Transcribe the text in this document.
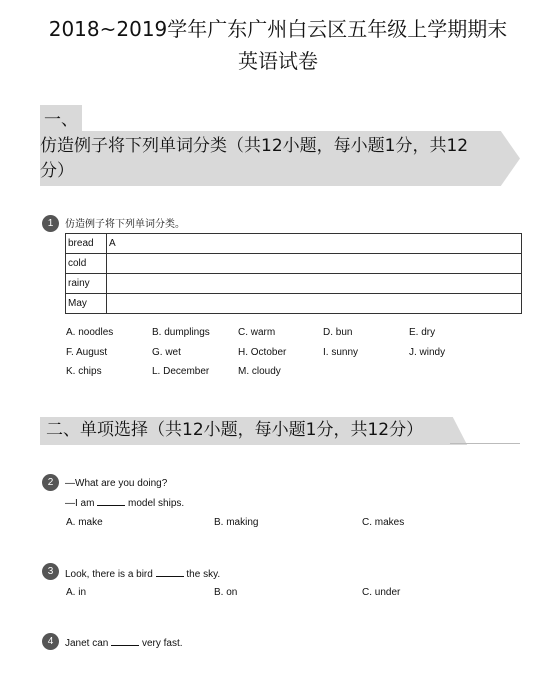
2018~2019学年广东广州白云区五年级上学期期末
英语试卷
一、
仿造例子将下列单词分类（共12小题，每小题1分，共12
分）
1	仿造例子将下列单词分类。
bread	A
cold	
rainy	
May	
A. noodles	B. dumplings	C. warm	D. bun	E. dry
F. August	G. wet	H. October	I. sunny	J. windy
K. chips	L. December	M. cloudy
二、单项选择（共12小题，每小题1分，共12分）
2	—What are you doing?
—I am	model ships.
A. make	B. making	C. makes
3	Look, there is a bird	the sky.
A. in	B. on	C. under
4	Janet can	very fast.
